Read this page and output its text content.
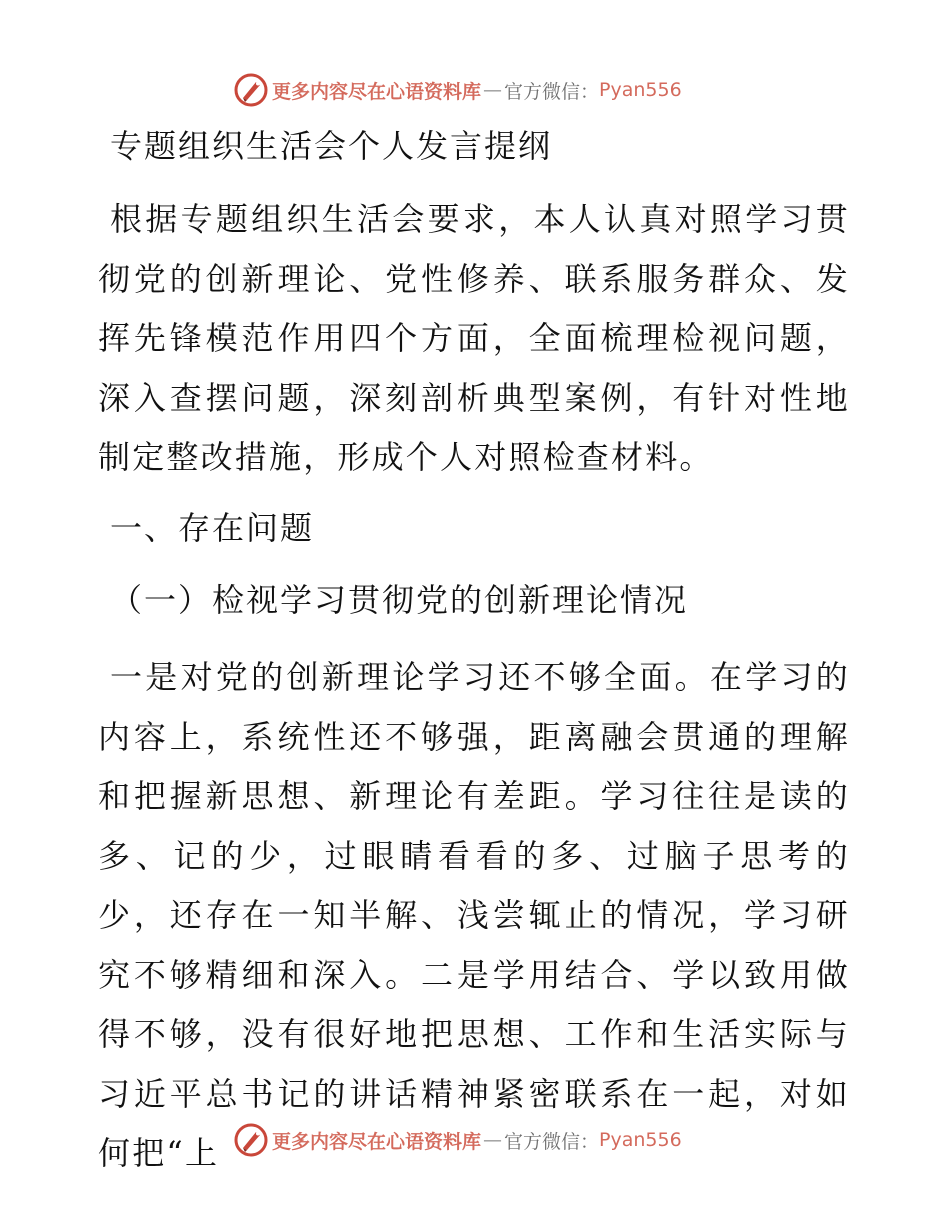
更多内容尽在心语资料库 — 官方微信： Pyan556
专题组织生活会个人发言提纲
根据专题组织生活会要求，本人认真对照学习贯彻党的创新理论、党性修养、联系服务群众、发挥先锋模范作用四个方面，全面梳理检视问题，深入查摆问题，深刻剖析典型案例，有针对性地制定整改措施，形成个人对照检查材料。
一、存在问题
（一）检视学习贯彻党的创新理论情况
一是对党的创新理论学习还不够全面。在学习的内容上，系统性还不够强，距离融会贯通的理解和把握新思想、新理论有差距。学习往往是读的多、记的少，过眼睛看看的多、过脑子思考的少，还存在一知半解、浅尝辄止的情况，学习研究不够精细和深入。二是学用结合、学以致用做得不够，没有很好地把思想、工作和生活实际与习近平总书记的讲话精神紧密联系在一起，对如何把“上	更多内容尽在心语资料库 — 官方微信： Pyan556
